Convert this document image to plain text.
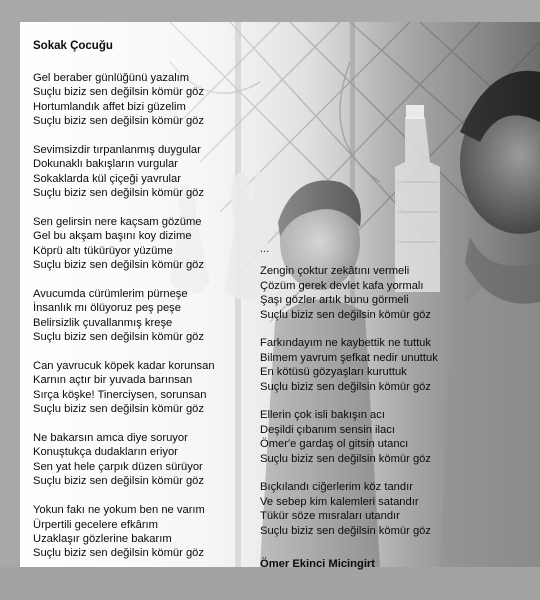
Sokak Çocuğu
Gel beraber günlüğünü yazalım
Suçlu biziz sen değilsin kömür göz
Hortumlandık affet bizi güzelim
Suçlu biziz sen değilsin kömür göz
Sevimsizdir tırpanlanmış duygular
Dokunaklı bakışların vurgular
Sokaklarda kül çiçeği yavrular
Suçlu biziz sen değilsin kömür göz
Sen gelirsin nere kaçsam gözüme
Gel bu akşam başını koy dizime
Köprü altı tükürüyor yüzüme
Suçlu biziz sen değilsin kömür göz
Avucumda cürümlerim pürneşe
İnsanlık mı ölüyoruz peş peşe
Belirsizlik çuvallanmış kreşe
Suçlu biziz sen değilsin kömür göz
Can yavrucuk köpek kadar korunsan
Karnın açtır bir yuvada barınsan
Sırça köşke! Tinerciysen, sorunsan
Suçlu biziz sen değilsin kömür göz
Ne bakarsın amca diye soruyor
Konuştukça dudakların eriyor
Sen yat hele çarpık düzen sürüyor
Suçlu biziz sen değilsin kömür göz
Yokun fakı ne yokum ben ne varım
Ürpertili gecelere efkârım
Uzaklaşır gözlerine bakarım
Suçlu biziz sen değilsin kömür göz
...
Zengin çoktur zekâtını vermeli
Çözüm gerek devlet kafa yormalı
Şaşı gözler artık bunu görmeli
Suçlu biziz sen değilsin kömür göz
Farkındayım ne kaybettik ne tuttuk
Bilmem yavrum şefkat nedir unuttuk
En kötüsü gözyaşları kuruttuk
Suçlu biziz sen değilsin kömür göz
Ellerin çok isli bakışın acı
Deşildi çıbanım sensin ilacı
Ömer'e gardaş ol gitsin utancı
Suçlu biziz sen değilsin kömür göz
Bıçkılandı ciğerlerim köz tandır
Ve sebep kim kalemleri satandır
Tükür söze mısraları utandır
Suçlu biziz sen değilsin kömür göz
Ömer Ekinci Micingirt
